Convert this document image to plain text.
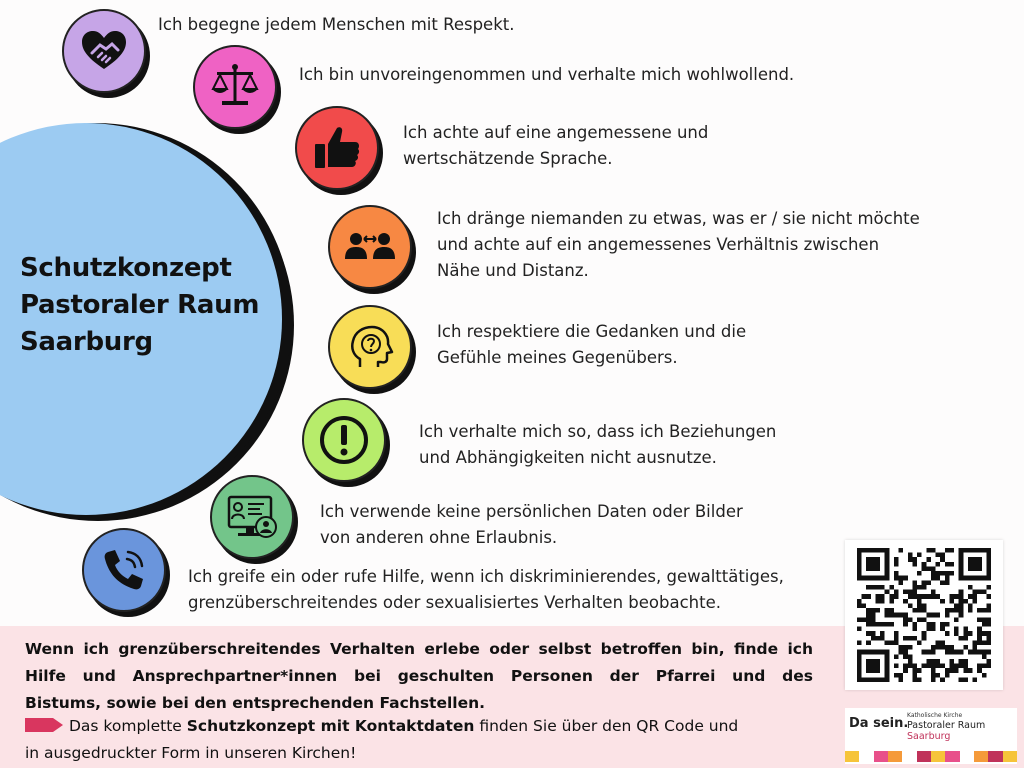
Schutzkonzept
Pastoraler Raum
Saarburg
Ich begegne jedem Menschen mit Respekt.
Ich bin unvoreingenommen und verhalte mich wohlwollend.
Ich achte auf eine angemessene und
wertschätzende Sprache.
Ich dränge niemanden zu etwas, was er / sie nicht möchte
und achte auf ein angemessenes Verhältnis zwischen
Nähe und Distanz.
Ich respektiere die Gedanken und die
Gefühle meines Gegenübers.
Ich verhalte mich so, dass ich Beziehungen
und Abhängigkeiten nicht ausnutze.
Ich verwende keine persönlichen Daten oder Bilder
von anderen ohne Erlaubnis.
Ich greife ein oder rufe Hilfe, wenn ich diskriminierendes, gewalttätiges,
grenzüberschreitendes oder sexualisiertes Verhalten beobachte.
Wenn ich grenzüberschreitendes Verhalten erlebe oder selbst betroffen bin, finde ich
Hilfe und Ansprechpartner*innen bei geschulten Personen der Pfarrei und des
Bistums, sowie bei den entsprechenden Fachstellen.
Das komplette Schutzkonzept mit Kontaktdaten finden Sie über den QR Code und
in ausgedruckter Form in unseren Kirchen!
Da sein.
Katholische Kirche
Pastoraler Raum
Saarburg
